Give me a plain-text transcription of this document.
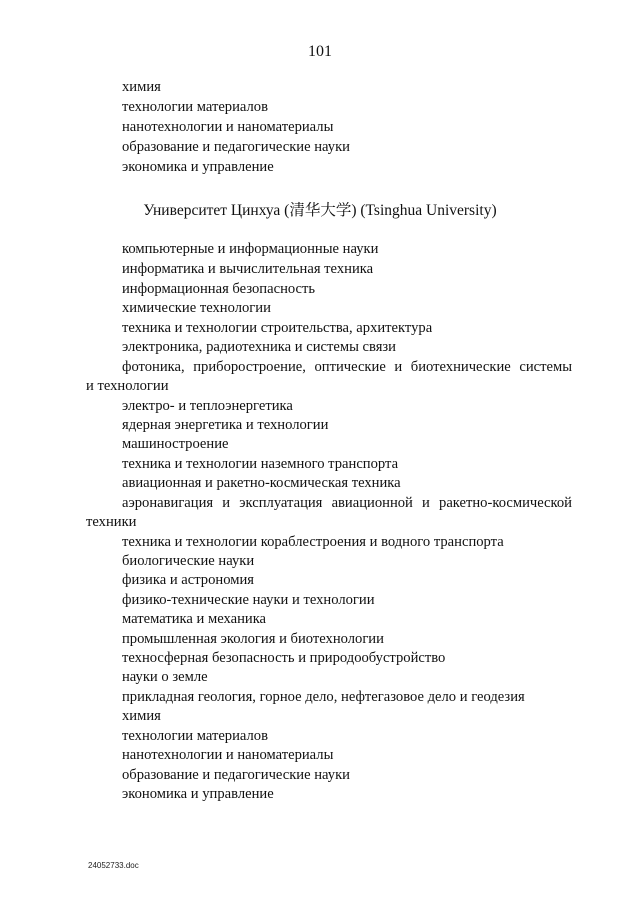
101
химия
технологии материалов
нанотехнологии и наноматериалы
образование и педагогические науки
экономика и управление
Университет Цинхуа (清华大学) (Tsinghua University)
компьютерные и информационные науки
информатика и вычислительная техника
информационная безопасность
химические технологии
техника и технологии строительства, архитектура
электроника, радиотехника и системы связи
фотоника, приборостроение, оптические и биотехнические системы
и технологии
электро- и теплоэнергетика
ядерная энергетика и технологии
машиностроение
техника и технологии наземного транспорта
авиационная и ракетно-космическая техника
аэронавигация и эксплуатация авиационной и ракетно-космической
техники
техника и технологии кораблестроения и водного транспорта
биологические науки
физика и астрономия
физико-технические науки и технологии
математика и механика
промышленная экология и биотехнологии
техносферная безопасность и природообустройство
науки о земле
прикладная геология, горное дело, нефтегазовое дело и геодезия
химия
технологии материалов
нанотехнологии и наноматериалы
образование и педагогические науки
экономика и управление
24052733.doc
